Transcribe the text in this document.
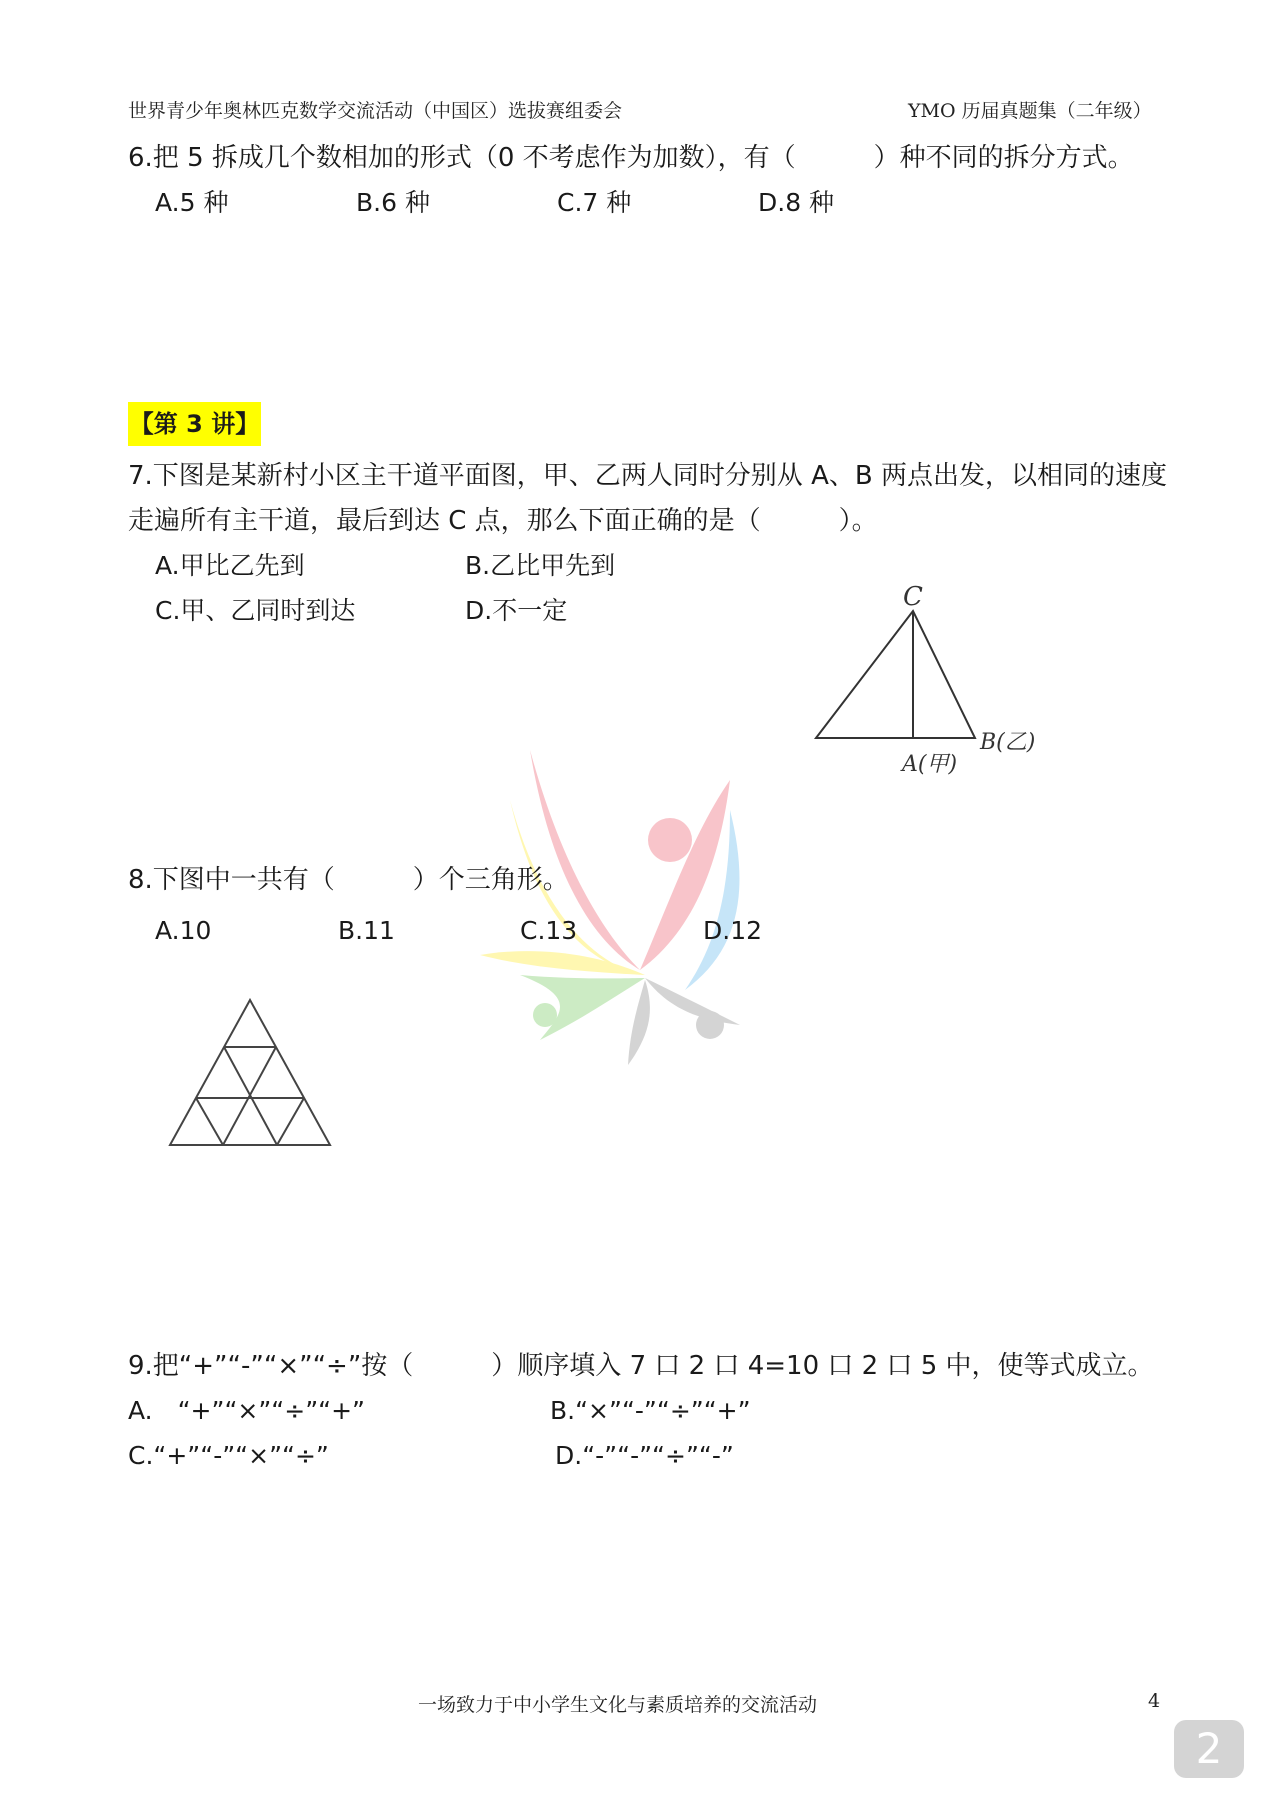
世界青少年奥林匹克数学交流活动（中国区）选拔赛组委会	YMO 历届真题集（二年级）
6.把 5 拆成几个数相加的形式（0 不考虑作为加数），有（　　　）种不同的拆分方式。
A.5 种	B.6 种	C.7 种	D.8 种
【第 3 讲】
7.下图是某新村小区主干道平面图，甲、乙两人同时分别从 A、B 两点出发，以相同的速度
走遍所有主干道，最后到达 C 点，那么下面正确的是（　　　）。
A.甲比乙先到	B.乙比甲先到
C.甲、乙同时到达	D.不一定	C
A(甲)
B(乙)
8.下图中一共有（　　　）个三角形。
A.10	B.11	C.13	D.12
9.把“+”“-”“×”“÷”按（　　　）顺序填入 7 口 2 口 4=10 口 2 口 5 中，使等式成立。
A.　“+”“×”“÷”“+”	B.“×”“-”“÷”“+”
C.“+”“-”“×”“÷”	D.“-”“-”“÷”“-”
一场致力于中小学生文化与素质培养的交流活动	4
2
